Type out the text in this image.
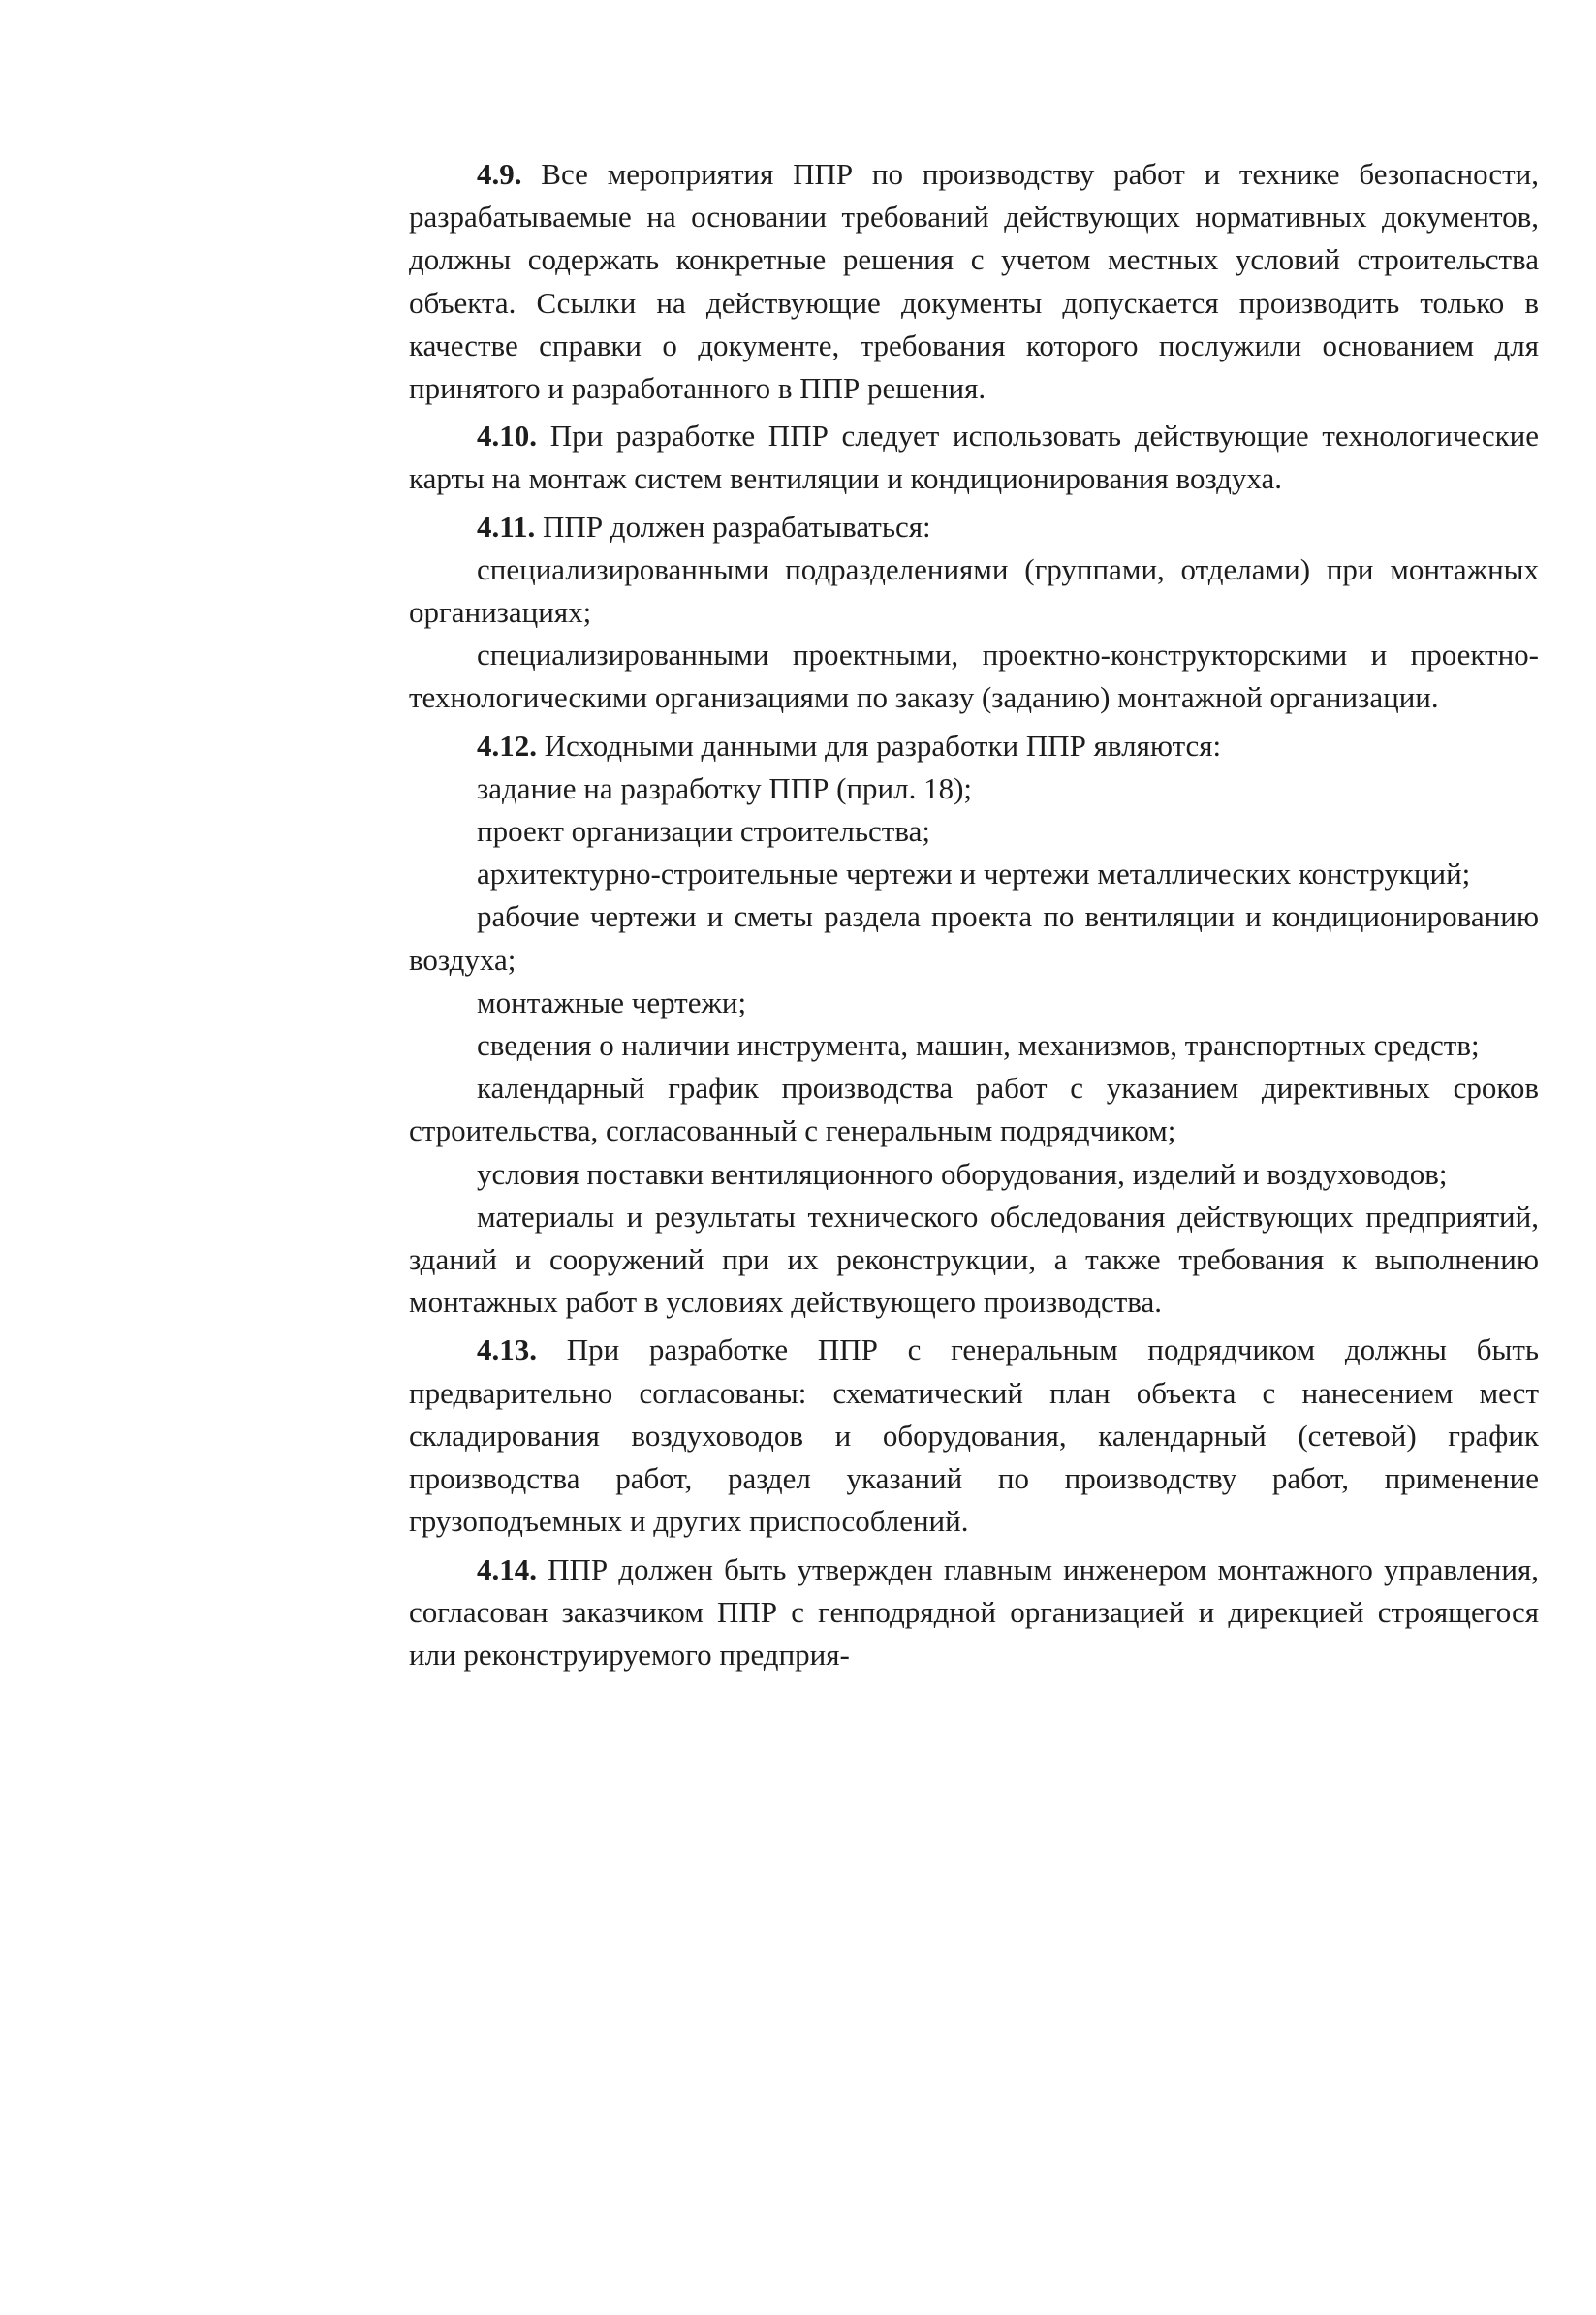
4.9. Все мероприятия ППР по производству работ и технике безопасности, разрабатываемые на основании требований действующих нормативных документов, должны содержать конкретные решения с учетом местных условий строительства объекта. Ссылки на действующие документы допускается производить только в качестве справки о документе, требования которого послужили основанием для принятого и разработанного в ППР решения.

4.10. При разработке ППР следует использовать действующие технологические карты на монтаж систем вентиляции и кондиционирования воздуха.

4.11. ППР должен разрабатываться:

специализированными подразделениями (группами, отделами) при монтажных организациях;

специализированными проектными, проектно-конструкторскими и проектно-технологическими организациями по заказу (заданию) монтажной организации.

4.12. Исходными данными для разработки ППР являются:

задание на разработку ППР (прил. 18);

проект организации строительства;

архитектурно-строительные чертежи и чертежи металлических конструкций;

рабочие чертежи и сметы раздела проекта по вентиляции и кондиционированию воздуха;

монтажные чертежи;

сведения о наличии инструмента, машин, механизмов, транспортных средств;

календарный график производства работ с указанием директивных сроков строительства, согласованный с генеральным подрядчиком;

условия поставки вентиляционного оборудования, изделий и воздуховодов;

материалы и результаты технического обследования действующих предприятий, зданий и сооружений при их реконструкции, а также требования к выполнению монтажных работ в условиях действующего производства.

4.13. При разработке ППР с генеральным подрядчиком должны быть предварительно согласованы: схематический план объекта с нанесением мест складирования воздуховодов и оборудования, календарный (сетевой) график производства работ, раздел указаний по производству работ, применение грузоподъемных и других приспособлений.

4.14. ППР должен быть утвержден главным инженером монтажного управления, согласован заказчиком ППР с генподрядной организацией и дирекцией строящегося или реконструируемого предприя-
